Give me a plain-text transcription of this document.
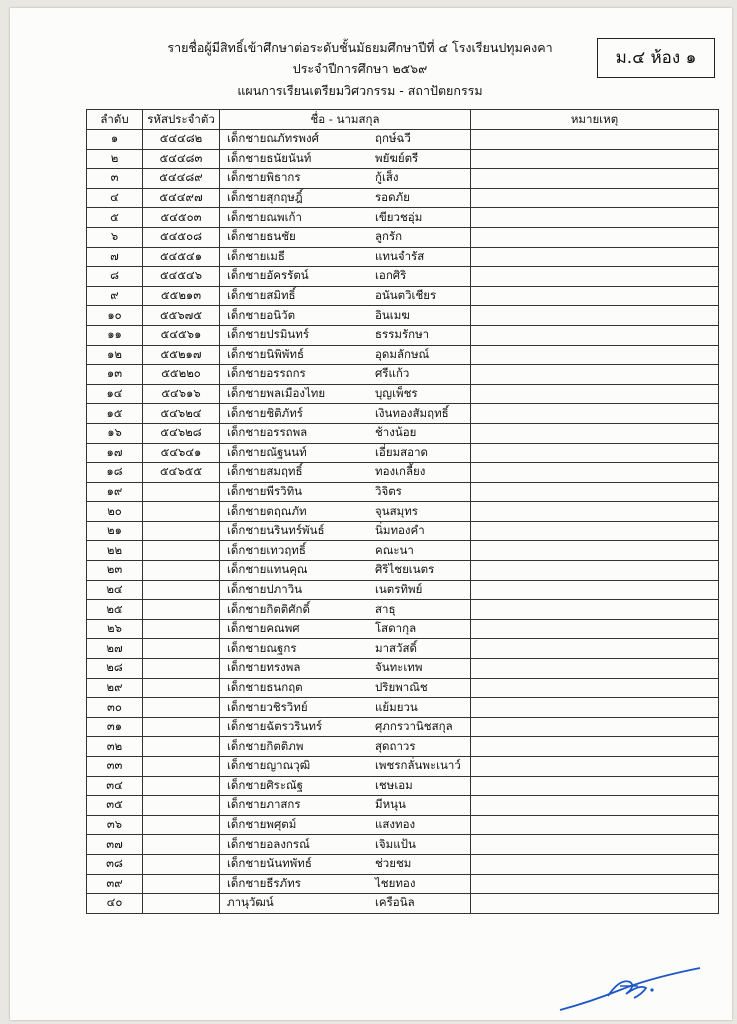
รายชื่อผู้มีสิทธิ์เข้าศึกษาต่อระดับชั้นมัธยมศึกษาปีที่ ๔ โรงเรียนปทุมคงคา
ประจำปีการศึกษา ๒๕๖๙
แผนการเรียนเตรียมวิศวกรรม - สถาปัตยกรรม
ม.๔ ห้อง ๑
ลำดับ	รหัสประจำตัว	ชื่อ - นามสกุล	หมายเหตุ
๑	๕๔๔๘๒	เด็กชายณภัทรพงศ์ ฤกษ์ฉวี	

๒	๕๔๔๘๓	เด็กชายธนัยนันท์ พยัฆย์ตรี	

๓	๕๔๔๘๙	เด็กชายพิธากร กู้เส็ง	

๔	๕๔๔๙๗	เด็กชายสุกฤษฎิ์ รอดภัย	

๕	๕๔๕๐๓	เด็กชายณพเก้า เขียวชอุ่ม	

๖	๕๔๕๐๘	เด็กชายธนชัย ลูกรัก	

๗	๕๔๕๔๑	เด็กชายเมธี แทนจำรัส	

๘	๕๔๕๔๖	เด็กชายอัครรัตน์ เอกศิริ	

๙	๕๕๒๑๓	เด็กชายสมิทธิ์ อนันตวิเชียร	

๑๐	๕๕๖๗๕	เด็กชายอนิวัต อินเมฆ	

๑๑	๕๔๕๖๑	เด็กชายปรมินทร์ ธรรมรักษา	

๑๒	๕๕๒๑๗	เด็กชายนิพิพัทธ์ อุดมลักษณ์	

๑๓	๕๕๒๒๐	เด็กชายอรรถกร ศรีแก้ว	

๑๔	๕๔๖๑๖	เด็กชายพลเมืองไทย บุญเพ็ชร	

๑๕	๕๔๖๒๔	เด็กชายชิติภัทร์ เงินทองสัมฤทธิ์	

๑๖	๕๔๖๒๘	เด็กชายอรรถพล ช้างน้อย	

๑๗	๕๔๖๔๑	เด็กชายณัฐนนท์ เอี่ยมสอาด	

๑๘	๕๔๖๕๕	เด็กชายสมฤทธิ์ ทองเกลี้ยง	

๑๙		เด็กชายพีรวิทิน วิจิตร	

๒๐		เด็กชายตฤณภัท จุนสมุทร	

๒๑		เด็กชายนรินทร์พันธ์ นิ่มทองคำ	

๒๒		เด็กชายเทวฤทธิ์ คณะนา	

๒๓		เด็กชายแทนคุณ ศิริไชยเนตร	

๒๔		เด็กชายปภาวิน เนตรทิพย์	

๒๕		เด็กชายกิตติศักดิ์ สาธุ	

๒๖		เด็กชายคณพศ โสดากุล	

๒๗		เด็กชายณฐกร มาสวัสดิ์	

๒๘		เด็กชายทรงพล จันทะเทพ	

๒๙		เด็กชายธนกฤต ปริยพาณิช	

๓๐		เด็กชายวชิรวิทย์ แย้มยวน	

๓๑		เด็กชายฉัตรวรินทร์ ศุภกรวานิชสกุล	

๓๒		เด็กชายกิตติภพ สุดถาวร	

๓๓		เด็กชายญาณวุฒิ เพชรกลั่นพะเนาว์	

๓๔		เด็กชายศิระณัฐ เชษเอม	

๓๕		เด็กชายภาสกร มีหนุน	

๓๖		เด็กชายพศุตม์ แสงทอง	

๓๗		เด็กชายอลงกรณ์ เจิมแป้น	

๓๘		เด็กชายนันทพัทธ์ ช่วยชม	

๓๙		เด็กชายธีรภัทร ไชยทอง	

๔๐		ภานุวัฒน์ เครือนิล	
